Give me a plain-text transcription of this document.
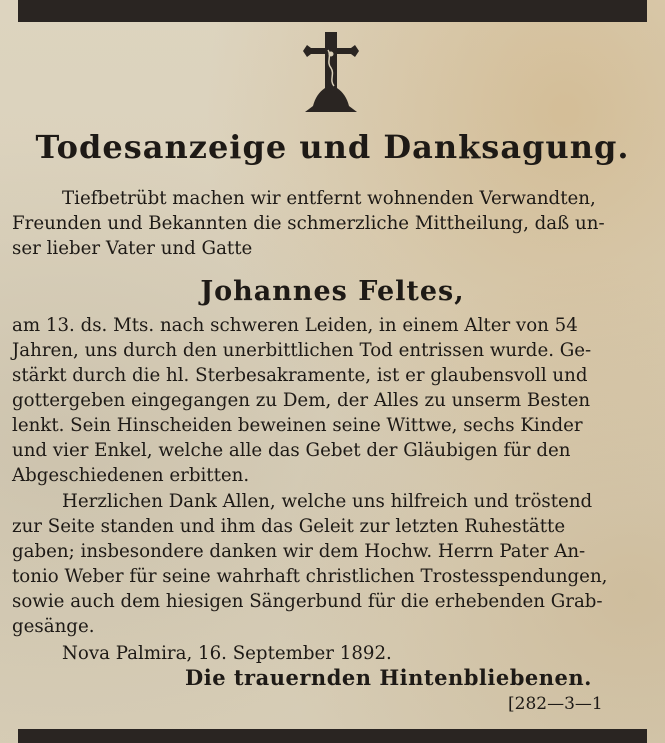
Todesanzeige und Danksagung.
Tiefbetrübt machen wir entfernt wohnenden Verwandten,
Freunden und Bekannten die schmerzliche Mittheilung, daß un-
ser lieber Vater und Gatte
Johannes Feltes,
am 13. ds. Mts. nach schweren Leiden, in einem Alter von 54
Jahren, uns durch den unerbittlichen Tod entrissen wurde. Ge-
stärkt durch die hl. Sterbesakramente, ist er glaubensvoll und
gottergeben eingegangen zu Dem, der Alles zu unserm Besten
lenkt. Sein Hinscheiden beweinen seine Wittwe, sechs Kinder
und vier Enkel, welche alle das Gebet der Gläubigen für den
Abgeschiedenen erbitten.
Herzlichen Dank Allen, welche uns hilfreich und tröstend
zur Seite standen und ihm das Geleit zur letzten Ruhestätte
gaben; insbesondere danken wir dem Hochw. Herrn Pater An-
tonio Weber für seine wahrhaft christlichen Trostesspendungen,
sowie auch dem hiesigen Sängerbund für die erhebenden Grab-
gesänge.
Nova Palmira, 16. September 1892.
Die trauernden Hintenbliebenen.
[282—3—1
